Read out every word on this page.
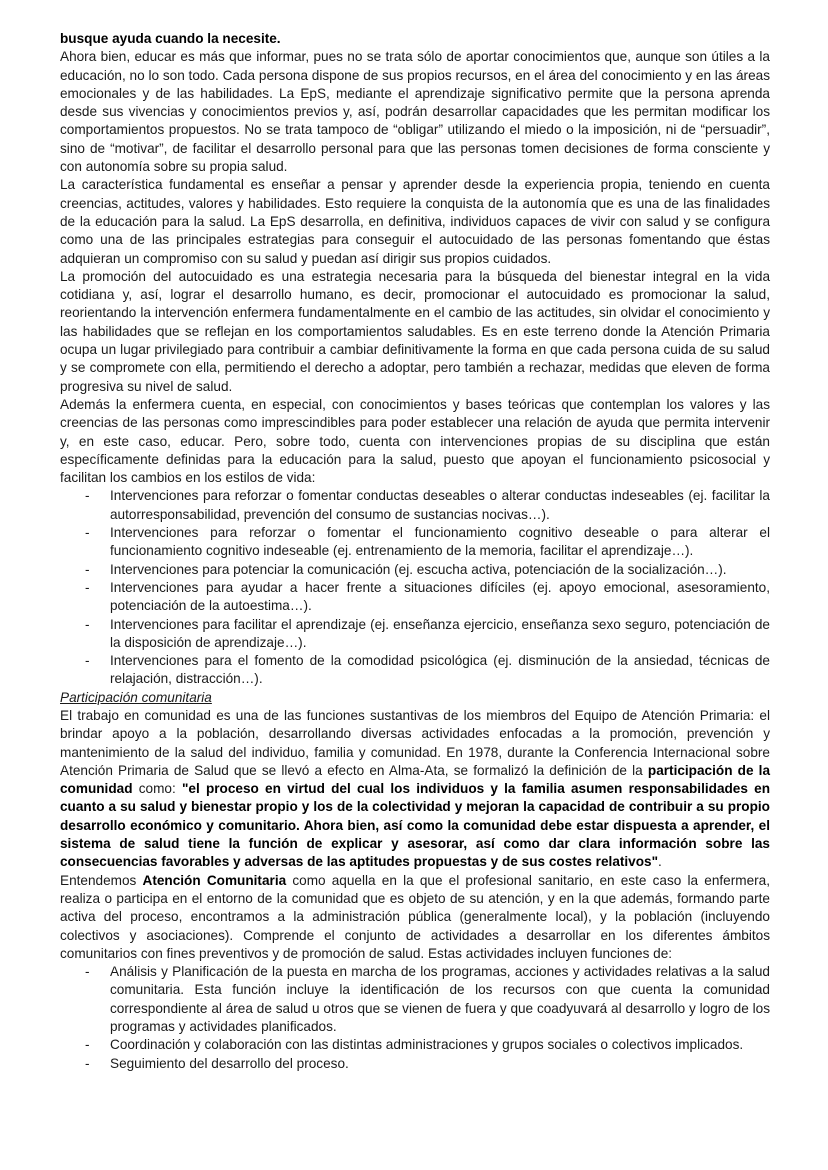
busque ayuda cuando la necesite.

Ahora bien, educar es más que informar, pues no se trata sólo de aportar conocimientos que, aunque son útiles a la educación, no lo son todo. Cada persona dispone de sus propios recursos, en el área del conocimiento y en las áreas emocionales y de las habilidades. La EpS, mediante el aprendizaje significativo permite que la persona aprenda desde sus vivencias y conocimientos previos y, así, podrán desarrollar capacidades que les permitan modificar los comportamientos propuestos. No se trata tampoco de “obligar” utilizando el miedo o la imposición, ni de “persuadir”, sino de “motivar”, de facilitar el desarrollo personal para que las personas tomen decisiones de forma consciente y con autonomía sobre su propia salud.

La característica fundamental es enseñar a pensar y aprender desde la experiencia propia, teniendo en cuenta creencias, actitudes, valores y habilidades. Esto requiere la conquista de la autonomía que es una de las finalidades de la educación para la salud. La EpS desarrolla, en definitiva, individuos capaces de vivir con salud y se configura como una de las principales estrategias para conseguir el autocuidado de las personas fomentando que éstas adquieran un compromiso con su salud y puedan así dirigir sus propios cuidados.

La promoción del autocuidado es una estrategia necesaria para la búsqueda del bienestar integral en la vida cotidiana y, así, lograr el desarrollo humano, es decir, promocionar el autocuidado es promocionar la salud, reorientando la intervención enfermera fundamentalmente en el cambio de las actitudes, sin olvidar el conocimiento y las habilidades que se reflejan en los comportamientos saludables. Es en este terreno donde la Atención Primaria ocupa un lugar privilegiado para contribuir a cambiar definitivamente la forma en que cada persona cuida de su salud y se compromete con ella, permitiendo el derecho a adoptar, pero también a rechazar, medidas que eleven de forma progresiva su nivel de salud.

Además la enfermera cuenta, en especial, con conocimientos y bases teóricas que contemplan los valores y las creencias de las personas como imprescindibles para poder establecer una relación de ayuda que permita intervenir y, en este caso, educar. Pero, sobre todo, cuenta con intervenciones propias de su disciplina que están específicamente definidas para la educación para la salud, puesto que apoyan el funcionamiento psicosocial y facilitan los cambios en los estilos de vida:

- Intervenciones para reforzar o fomentar conductas deseables o alterar conductas indeseables (ej. facilitar la autorresponsabilidad, prevención del consumo de sustancias nocivas…).
- Intervenciones para reforzar o fomentar el funcionamiento cognitivo deseable o para alterar el funcionamiento cognitivo indeseable (ej. entrenamiento de la memoria, facilitar el aprendizaje…).
- Intervenciones para potenciar la comunicación (ej. escucha activa, potenciación de la socialización…).
- Intervenciones para ayudar a hacer frente a situaciones difíciles (ej. apoyo emocional, asesoramiento, potenciación de la autoestima…).
- Intervenciones para facilitar el aprendizaje (ej. enseñanza ejercicio, enseñanza sexo seguro, potenciación de la disposición de aprendizaje…).
- Intervenciones para el fomento de la comodidad psicológica (ej. disminución de la ansiedad, técnicas de relajación, distracción…).

Participación comunitaria

El trabajo en comunidad es una de las funciones sustantivas de los miembros del Equipo de Atención Primaria: el brindar apoyo a la población, desarrollando diversas actividades enfocadas a la promoción, prevención y mantenimiento de la salud del individuo, familia y comunidad. En 1978, durante la Conferencia Internacional sobre Atención Primaria de Salud que se llevó a efecto en Alma-Ata, se formalizó la definición de la participación de la comunidad como: "el proceso en virtud del cual los individuos y la familia asumen responsabilidades en cuanto a su salud y bienestar propio y los de la colectividad y mejoran la capacidad de contribuir a su propio desarrollo económico y comunitario. Ahora bien, así como la comunidad debe estar dispuesta a aprender, el sistema de salud tiene la función de explicar y asesorar, así como dar clara información sobre las consecuencias favorables y adversas de las aptitudes propuestas y de sus costes relativos".

Entendemos Atención Comunitaria como aquella en la que el profesional sanitario, en este caso la enfermera, realiza o participa en el entorno de la comunidad que es objeto de su atención, y en la que además, formando parte activa del proceso, encontramos a la administración pública (generalmente local), y la población (incluyendo colectivos y asociaciones). Comprende el conjunto de actividades a desarrollar en los diferentes ámbitos comunitarios con fines preventivos y de promoción de salud. Estas actividades incluyen funciones de:

- Análisis y Planificación de la puesta en marcha de los programas, acciones y actividades relativas a la salud comunitaria. Esta función incluye la identificación de los recursos con que cuenta la comunidad correspondiente al área de salud u otros que se vienen de fuera y que coadyuvará al desarrollo y logro de los programas y actividades planificados.
- Coordinación y colaboración con las distintas administraciones y grupos sociales o colectivos implicados.
- Seguimiento del desarrollo del proceso.
